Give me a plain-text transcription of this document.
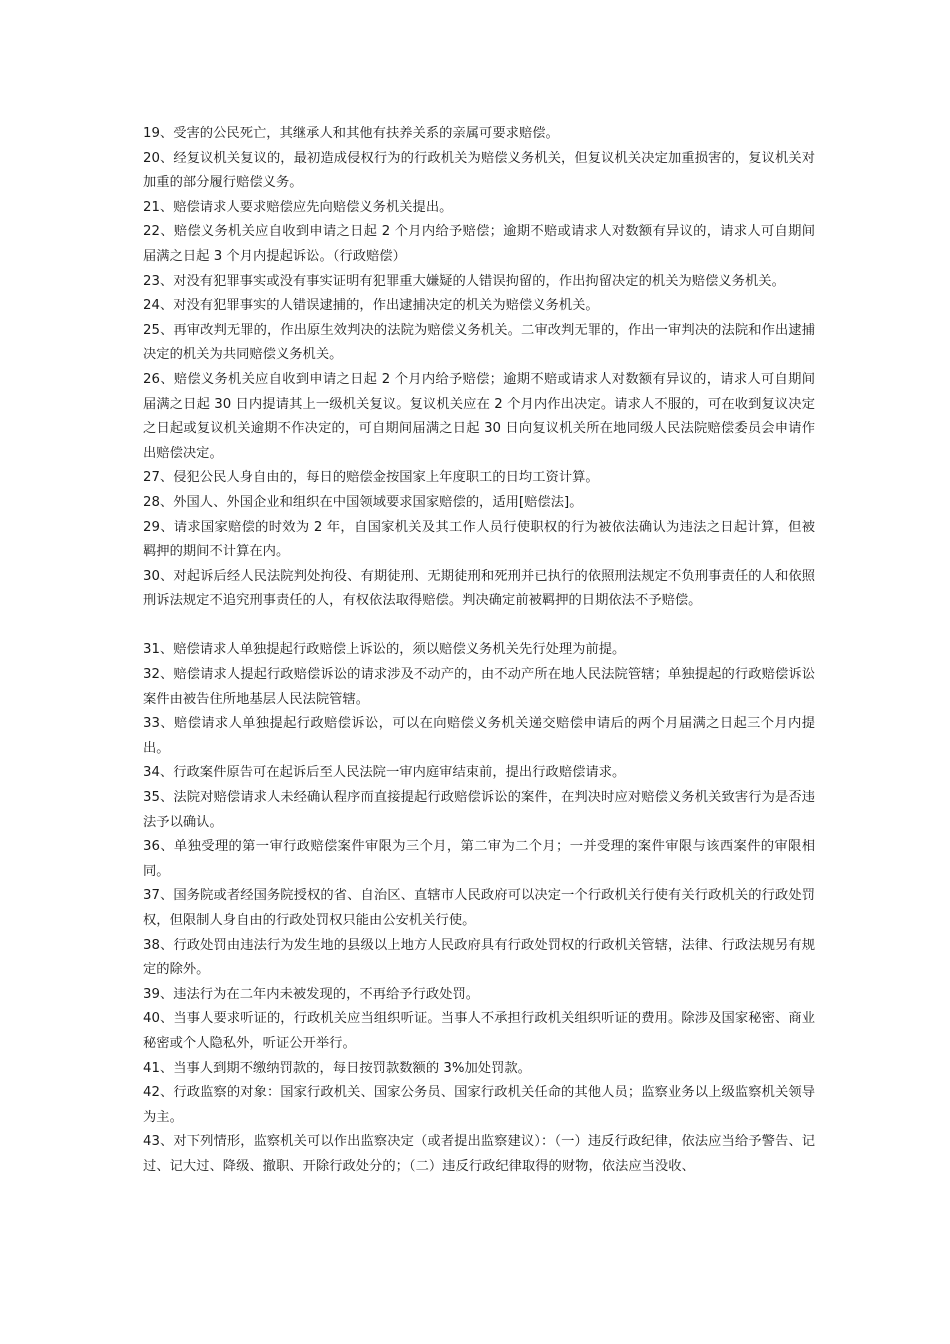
19、受害的公民死亡，其继承人和其他有扶养关系的亲属可要求赔偿。

20、经复议机关复议的，最初造成侵权行为的行政机关为赔偿义务机关，但复议机关决定加重损害的，复议机关对加重的部分履行赔偿义务。

21、赔偿请求人要求赔偿应先向赔偿义务机关提出。

22、赔偿义务机关应自收到申请之日起 2 个月内给予赔偿；逾期不赔或请求人对数额有异议的，请求人可自期间届满之日起 3 个月内提起诉讼。（行政赔偿）

23、对没有犯罪事实或没有事实证明有犯罪重大嫌疑的人错误拘留的，作出拘留决定的机关为赔偿义务机关。

24、对没有犯罪事实的人错误逮捕的，作出逮捕决定的机关为赔偿义务机关。

25、再审改判无罪的，作出原生效判决的法院为赔偿义务机关。二审改判无罪的，作出一审判决的法院和作出逮捕决定的机关为共同赔偿义务机关。

26、赔偿义务机关应自收到申请之日起 2 个月内给予赔偿；逾期不赔或请求人对数额有异议的，请求人可自期间届满之日起 30 日内提请其上一级机关复议。复议机关应在 2 个月内作出决定。请求人不服的，可在收到复议决定之日起或复议机关逾期不作决定的，可自期间届满之日起 30 日向复议机关所在地同级人民法院赔偿委员会申请作出赔偿决定。

27、侵犯公民人身自由的，每日的赔偿金按国家上年度职工的日均工资计算。

28、外国人、外国企业和组织在中国领域要求国家赔偿的，适用[赔偿法]。

29、请求国家赔偿的时效为 2 年，自国家机关及其工作人员行使职权的行为被依法确认为违法之日起计算，但被羁押的期间不计算在内。

30、对起诉后经人民法院判处拘役、有期徒刑、无期徒刑和死刑并已执行的依照刑法规定不负刑事责任的人和依照刑诉法规定不追究刑事责任的人，有权依法取得赔偿。判决确定前被羁押的日期依法不予赔偿。

31、赔偿请求人单独提起行政赔偿上诉讼的，须以赔偿义务机关先行处理为前提。

32、赔偿请求人提起行政赔偿诉讼的请求涉及不动产的，由不动产所在地人民法院管辖；单独提起的行政赔偿诉讼案件由被告住所地基层人民法院管辖。

33、赔偿请求人单独提起行政赔偿诉讼，可以在向赔偿义务机关递交赔偿申请后的两个月届满之日起三个月内提出。

34、行政案件原告可在起诉后至人民法院一审内庭审结束前，提出行政赔偿请求。

35、法院对赔偿请求人未经确认程序而直接提起行政赔偿诉讼的案件，在判决时应对赔偿义务机关致害行为是否违法予以确认。

36、单独受理的第一审行政赔偿案件审限为三个月，第二审为二个月；一并受理的案件审限与该西案件的审限相同。

37、国务院或者经国务院授权的省、自治区、直辖市人民政府可以决定一个行政机关行使有关行政机关的行政处罚权，但限制人身自由的行政处罚权只能由公安机关行使。

38、行政处罚由违法行为发生地的县级以上地方人民政府具有行政处罚权的行政机关管辖，法律、行政法规另有规定的除外。

39、违法行为在二年内未被发现的，不再给予行政处罚。

40、当事人要求听证的，行政机关应当组织听证。当事人不承担行政机关组织听证的费用。除涉及国家秘密、商业秘密或个人隐私外，听证公开举行。

41、当事人到期不缴纳罚款的，每日按罚款数额的 3%加处罚款。

42、行政监察的对象：国家行政机关、国家公务员、国家行政机关任命的其他人员；监察业务以上级监察机关领导为主。

43、对下列情形，监察机关可以作出监察决定（或者提出监察建议）：（一）违反行政纪律，依法应当给予警告、记过、记大过、降级、撤职、开除行政处分的；（二）违反行政纪律取得的财物，依法应当没收、
